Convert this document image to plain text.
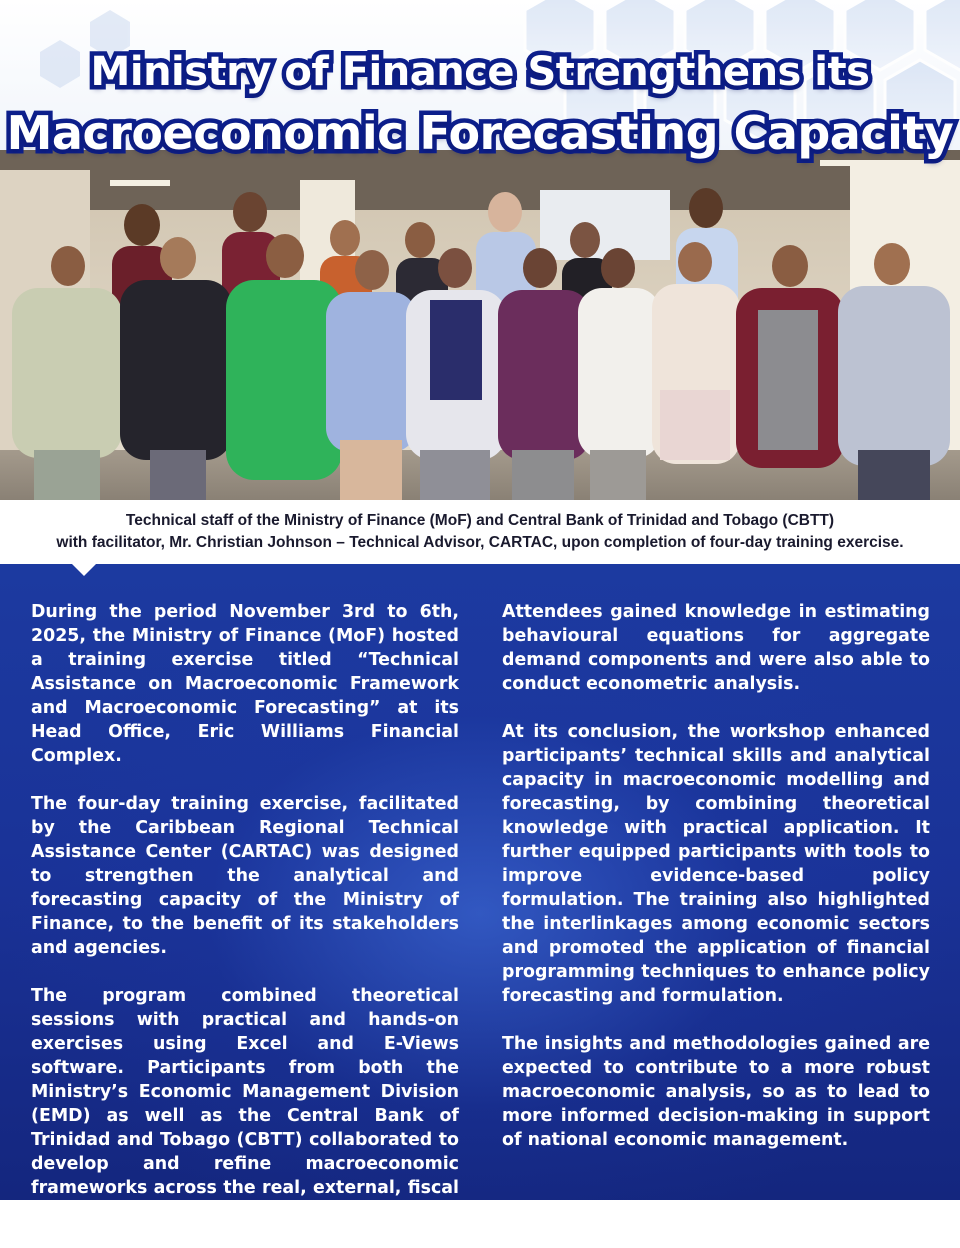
Ministry of Finance Strengthens its
Macroeconomic Forecasting Capacity

Technical staff of the Ministry of Finance (MoF) and Central Bank of Trinidad and Tobago (CBTT)

with facilitator, Mr. Christian Johnson – Technical Advisor, CARTAC, upon completion of four-day training exercise.

During the period November 3rd to 6th, 2025, the Ministry of Finance (MoF) hosted a training exercise titled “Technical Assistance on Macroeconomic Framework and Macroeconomic Forecasting” at its Head Office, Eric Williams Financial Complex.

The four-day training exercise, facilitated by the Caribbean Regional Technical Assistance Center (CARTAC) was designed to strengthen the analytical and forecasting capacity of the Ministry of Finance, to the benefit of its stakeholders and agencies.

The program combined theoretical sessions with practical and hands-on exercises using Excel and E-Views software. Participants from both the Ministry’s Economic Management Division (EMD) as well as the Central Bank of Trinidad and Tobago (CBTT) collaborated to develop and refine macroeconomic frameworks across the real, external, fiscal and monetary sectors.

Attendees gained knowledge in estimating behavioural equations for aggregate demand components and were also able to conduct econometric analysis.

At its conclusion, the workshop enhanced participants’ technical skills and analytical capacity in macroeconomic modelling and forecasting, by combining theoretical knowledge with practical application. It further equipped participants with tools to improve evidence-based policy formulation. The training also highlighted the interlinkages among economic sectors and promoted the application of financial programming techniques to enhance policy forecasting and formulation.

The insights and methodologies gained are expected to contribute to a more robust macroeconomic analysis, so as to lead to more informed decision-making in support of national economic management.
